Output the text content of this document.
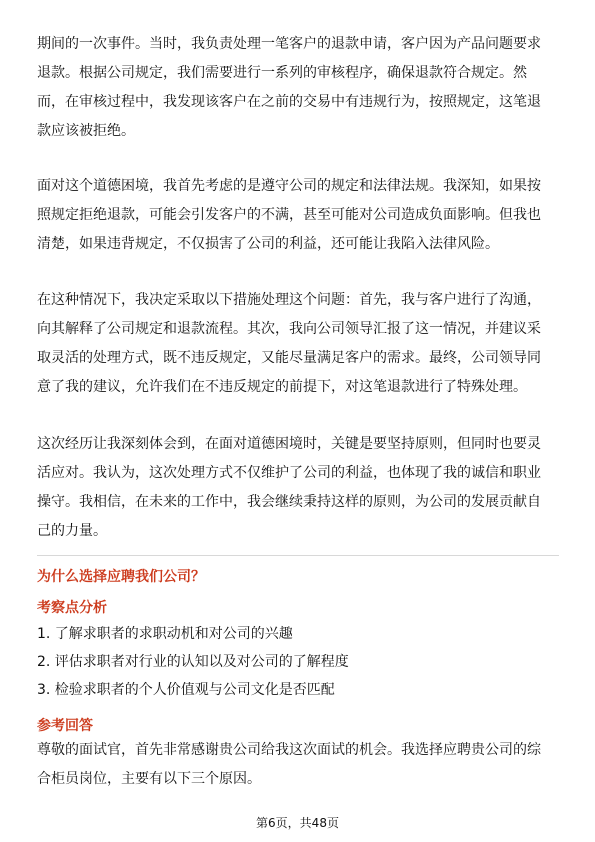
期间的一次事件。当时，我负责处理一笔客户的退款申请，客户因为产品问题要求
退款。根据公司规定，我们需要进行一系列的审核程序，确保退款符合规定。然
而，在审核过程中，我发现该客户在之前的交易中有违规行为，按照规定，这笔退
款应该被拒绝。
面对这个道德困境，我首先考虑的是遵守公司的规定和法律法规。我深知，如果按
照规定拒绝退款，可能会引发客户的不满，甚至可能对公司造成负面影响。但我也
清楚，如果违背规定，不仅损害了公司的利益，还可能让我陷入法律风险。
在这种情况下，我决定采取以下措施处理这个问题：首先，我与客户进行了沟通，
向其解释了公司规定和退款流程。其次，我向公司领导汇报了这一情况，并建议采
取灵活的处理方式，既不违反规定，又能尽量满足客户的需求。最终，公司领导同
意了我的建议，允许我们在不违反规定的前提下，对这笔退款进行了特殊处理。
这次经历让我深刻体会到，在面对道德困境时，关键是要坚持原则，但同时也要灵
活应对。我认为，这次处理方式不仅维护了公司的利益，也体现了我的诚信和职业
操守。我相信，在未来的工作中，我会继续秉持这样的原则，为公司的发展贡献自
己的力量。
为什么选择应聘我们公司？
考察点分析
1. 了解求职者的求职动机和对公司的兴趣
2. 评估求职者对行业的认知以及对公司的了解程度
3. 检验求职者的个人价值观与公司文化是否匹配
参考回答
尊敬的面试官，首先非常感谢贵公司给我这次面试的机会。我选择应聘贵公司的综
合柜员岗位，主要有以下三个原因。
第6页，共48页
